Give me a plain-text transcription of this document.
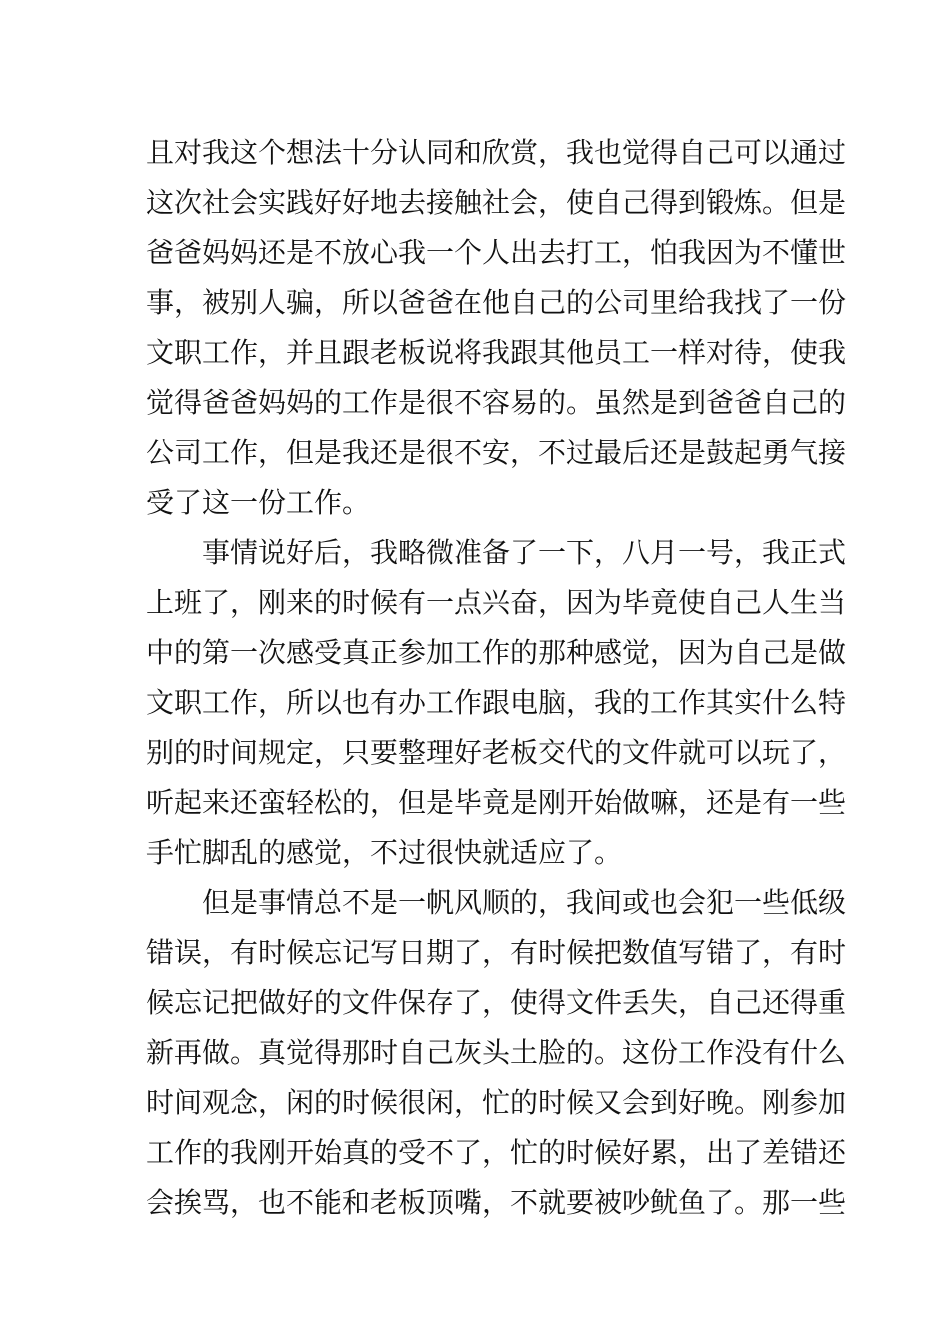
且对我这个想法十分认同和欣赏，我也觉得自己可以通过
这次社会实践好好地去接触社会，使自己得到锻炼。但是
爸爸妈妈还是不放心我一个人出去打工，怕我因为不懂世
事，被别人骗，所以爸爸在他自己的公司里给我找了一份
文职工作，并且跟老板说将我跟其他员工一样对待，使我
觉得爸爸妈妈的工作是很不容易的。虽然是到爸爸自己的
公司工作，但是我还是很不安，不过最后还是鼓起勇气接
受了这一份工作。
事情说好后，我略微准备了一下，八月一号，我正式
上班了，刚来的时候有一点兴奋，因为毕竟使自己人生当
中的第一次感受真正参加工作的那种感觉，因为自己是做
文职工作，所以也有办工作跟电脑，我的工作其实什么特
别的时间规定，只要整理好老板交代的文件就可以玩了，
听起来还蛮轻松的，但是毕竟是刚开始做嘛，还是有一些
手忙脚乱的感觉，不过很快就适应了。
但是事情总不是一帆风顺的，我间或也会犯一些低级
错误，有时候忘记写日期了，有时候把数值写错了，有时
候忘记把做好的文件保存了，使得文件丢失，自己还得重
新再做。真觉得那时自己灰头土脸的。这份工作没有什么
时间观念，闲的时候很闲，忙的时候又会到好晚。刚参加
工作的我刚开始真的受不了，忙的时候好累，出了差错还
会挨骂，也不能和老板顶嘴，不就要被吵鱿鱼了。那一些
